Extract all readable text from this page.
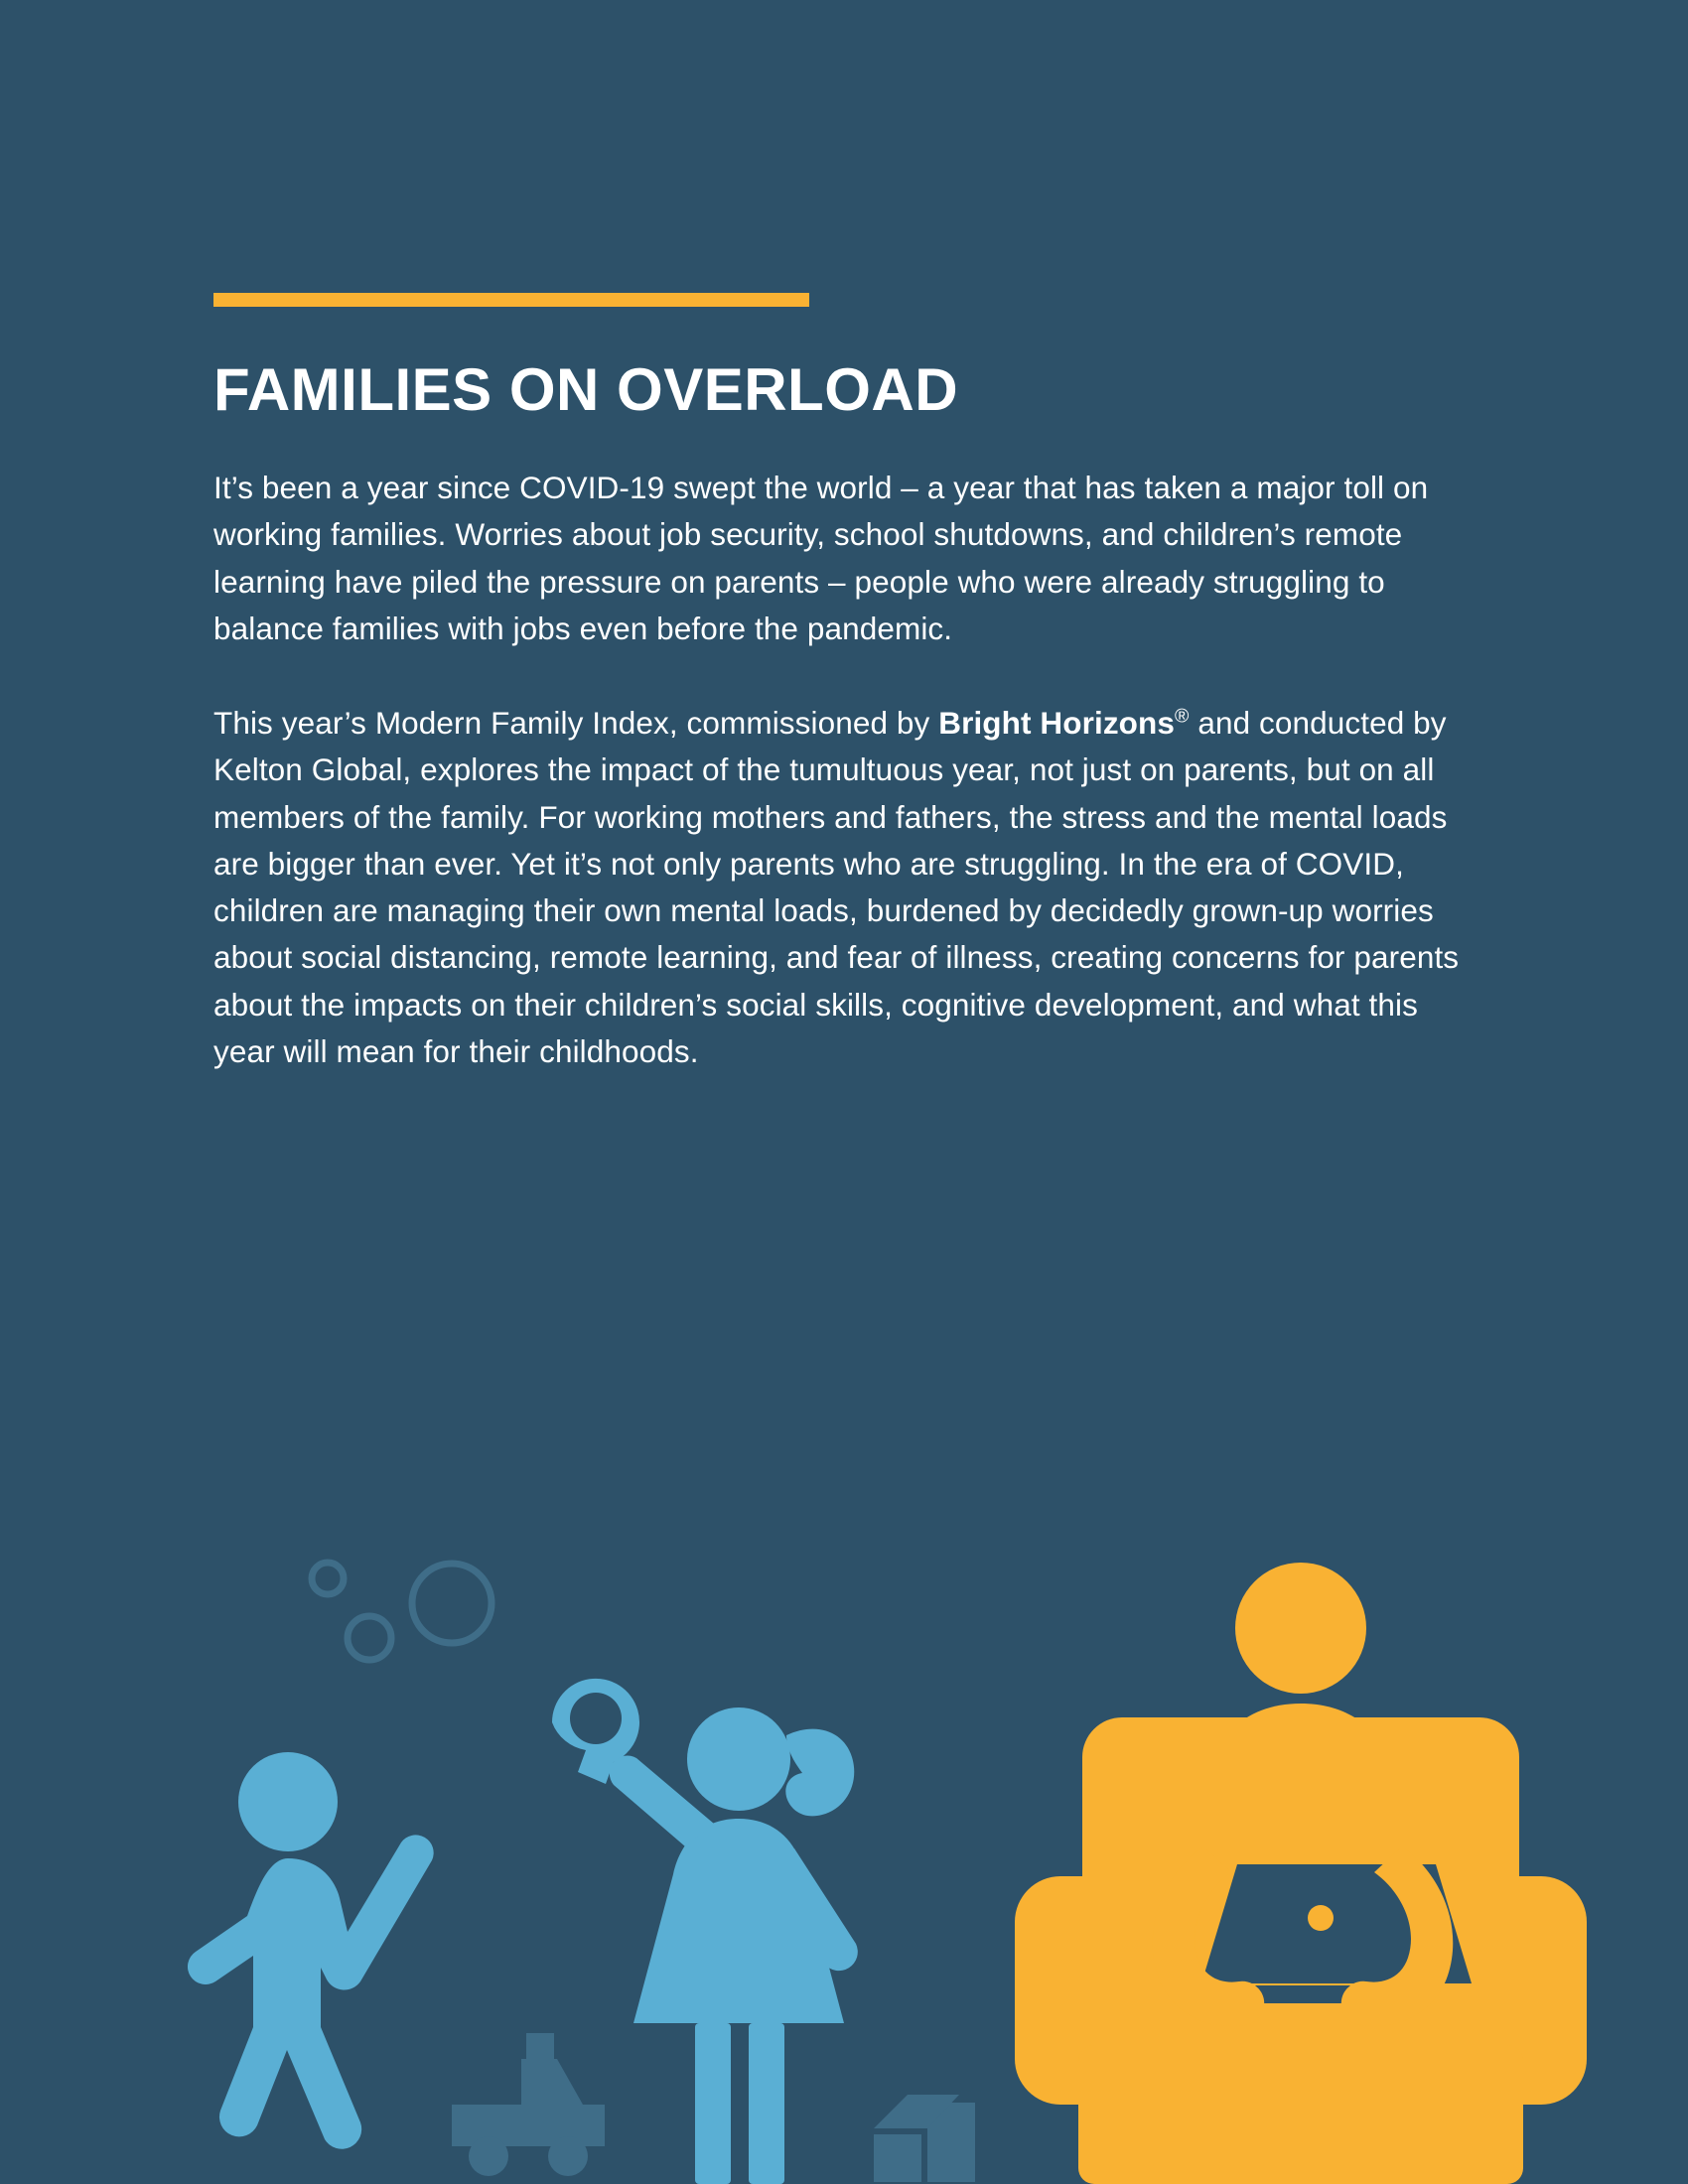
FAMILIES ON OVERLOAD

It’s been a year since COVID-19 swept the world – a year that has taken a major toll on working families. Worries about job security, school shutdowns, and children’s remote learning have piled the pressure on parents – people who were already struggling to balance families with jobs even before the pandemic.

This year’s Modern Family Index, commissioned by Bright Horizons® and conducted by Kelton Global, explores the impact of the tumultuous year, not just on parents, but on all members of the family. For working mothers and fathers, the stress and the mental loads are bigger than ever. Yet it’s not only parents who are struggling. In the era of COVID, children are managing their own mental loads, burdened by decidedly grown-up worries about social distancing, remote learning, and fear of illness, creating concerns for parents about the impacts on their children’s social skills, cognitive development, and what this year will mean for their childhoods.
